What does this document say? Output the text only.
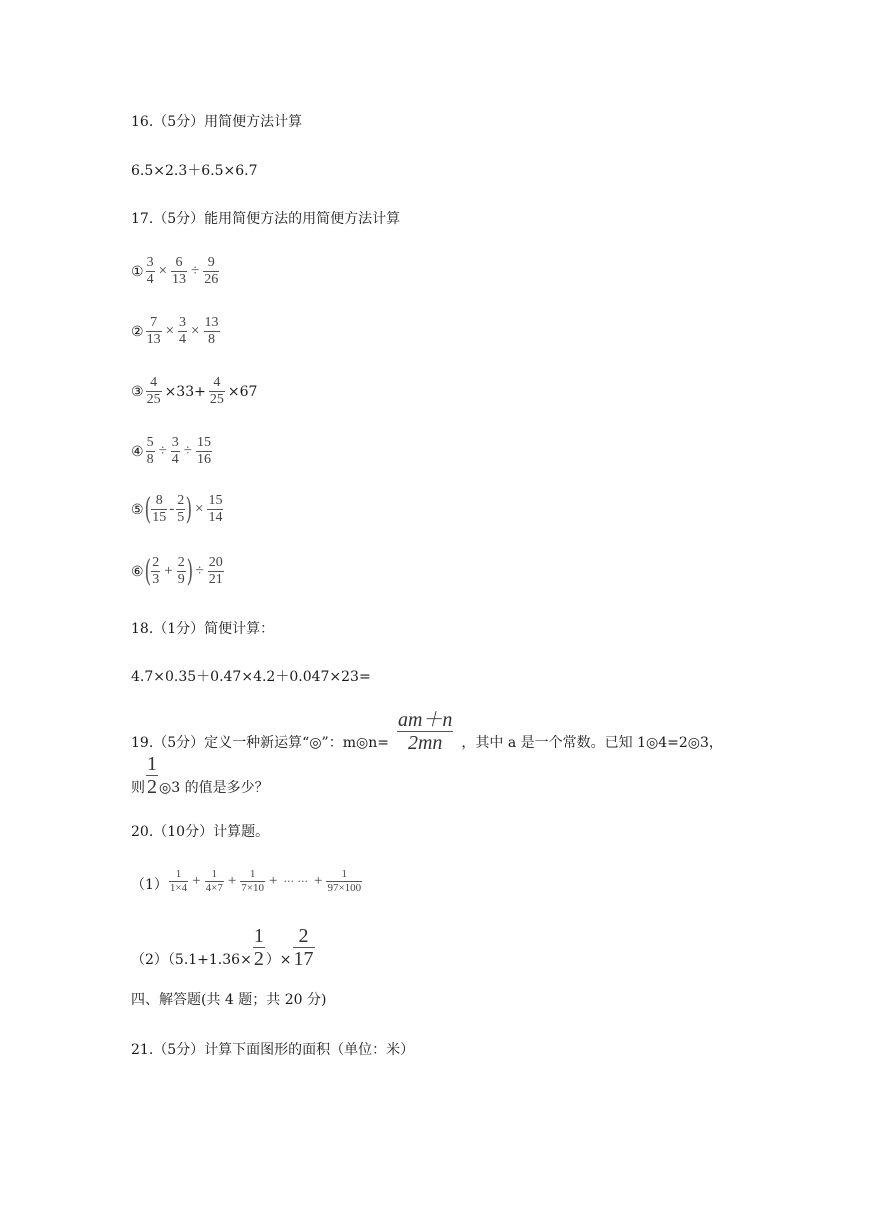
16.（5分）用简便方法计算
6.5×2.3＋6.5×6.7
17.（5分）能用简便方法的用简便方法计算
① $\frac{3}{4} \times \frac{6}{13} \div \frac{9}{26}$
② $\frac{7}{13} \times \frac{3}{4} \times \frac{13}{8}$
③ $\frac{4}{25} \times 33+ \frac{4}{25} \times 67$
④ $\frac{5}{8} \div \frac{3}{4} \div \frac{15}{16}$
⑤ ( $\frac{8}{15} - \frac{2}{5}$ ) × $\frac{15}{14}$
⑥ ( $\frac{2}{3} + \frac{2}{9}$ ) ÷ $\frac{20}{21}$
18.（1分）简便计算：
4.7×0.35＋0.47×4.2＋0.047×23=
19.（5分）定义一种新运算“◎”：m◎n= $\frac{am+n}{2mn}$ ，其中 a 是一个常数。已知 1◎4=2◎3，
则 $\frac{1}{2}$ ◎3 的值是多少？
20.（10分）计算题。
$(1) \frac{1}{1\times 4} + \frac{1}{4\times 7} + \frac{1}{7\times 10}$ + ··· ··· + $\frac{1}{97\times 100}$
$(2)(5.1+1.36\times \frac{1}{2}$ ）× $\frac{2}{17}$
四、解答题(共 4 题；共 20 分)
21.（5分）计算下面图形的面积（单位：米）
